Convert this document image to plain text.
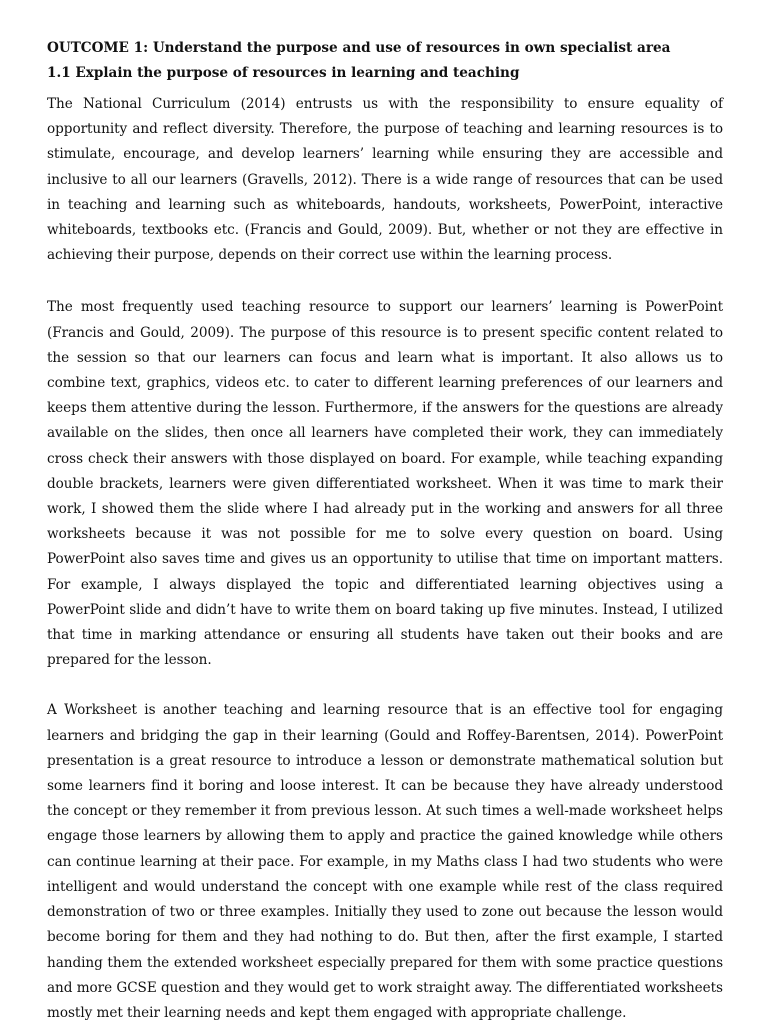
OUTCOME 1: Understand the purpose and use of resources in own specialist area

1.1 Explain the purpose of resources in learning and teaching

The National Curriculum (2014) entrusts us with the responsibility to ensure equality of opportunity and reflect diversity. Therefore, the purpose of teaching and learning resources is to stimulate, encourage, and develop learners’ learning while ensuring they are accessible and inclusive to all our learners (Gravells, 2012). There is a wide range of resources that can be used in teaching and learning such as whiteboards, handouts, worksheets, PowerPoint, interactive whiteboards, textbooks etc. (Francis and Gould, 2009). But, whether or not they are effective in achieving their purpose, depends on their correct use within the learning process.

The most frequently used teaching resource to support our learners’ learning is PowerPoint (Francis and Gould, 2009). The purpose of this resource is to present specific content related to the session so that our learners can focus and learn what is important. It also allows us to combine text, graphics, videos etc. to cater to different learning preferences of our learners and keeps them attentive during the lesson. Furthermore, if the answers for the questions are already available on the slides, then once all learners have completed their work, they can immediately cross check their answers with those displayed on board. For example, while teaching expanding double brackets, learners were given differentiated worksheet. When it was time to mark their work, I showed them the slide where I had already put in the working and answers for all three worksheets because it was not possible for me to solve every question on board. Using PowerPoint also saves time and gives us an opportunity to utilise that time on important matters. For example, I always displayed the topic and differentiated learning objectives using a PowerPoint slide and didn’t have to write them on board taking up five minutes. Instead, I utilized that time in marking attendance or ensuring all students have taken out their books and are prepared for the lesson.

A Worksheet is another teaching and learning resource that is an effective tool for engaging learners and bridging the gap in their learning (Gould and Roffey-Barentsen, 2014). PowerPoint presentation is a great resource to introduce a lesson or demonstrate mathematical solution but some learners find it boring and loose interest. It can be because they have already understood the concept or they remember it from previous lesson. At such times a well-made worksheet helps engage those learners by allowing them to apply and practice the gained knowledge while others can continue learning at their pace. For example, in my Maths class I had two students who were intelligent and would understand the concept with one example while rest of the class required demonstration of two or three examples. Initially they used to zone out because the lesson would become boring for them and they had nothing to do. But then, after the first example, I started handing them the extended worksheet especially prepared for them with some practice questions and more GCSE question and they would get to work straight away. The differentiated worksheets mostly met their learning needs and kept them engaged with appropriate challenge.
